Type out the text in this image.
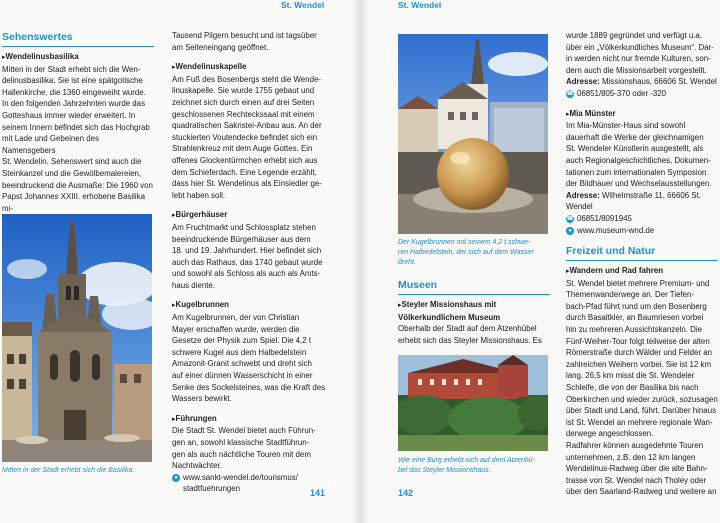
St. Wendel
Sehenswertes

▸ Wendelinusbasilika

Mitten in der Stadt erhebt sich die Wen-

delinusbasilika. Sie ist eine spätgotische

Hallenkirche, die 1360 eingeweiht wurde.

In den folgenden Jahrzehnten wurde das

Gotteshaus immer wieder erweitert. In

seinem Innern befindet sich das Hochgrab

mit Lade und Gebeinen des Namensgebers

St. Wendelin. Sehenswert sind auch die

Steinkanzel und die Gewölbemalereien,

beeindruckend die Ausmaße: Die 1960 von

Papst Johannes XXIII. erhobene Basilika mi-

Mitten in der Stadt erhebt sich die Basilika.

Tausend Pilgern besucht und ist tagsüber

am Seiteneingang geöffnet.

▸ Wendelinuskapelle

Am Fuß des Bosenbergs steht die Wende-

linuskapelle. Sie wurde 1755 gebaut und

zeichnet sich durch einen auf drei Seiten

geschlossenen Rechteckssaal mit einem

quadratischen Sakristei-Anbau aus. An der

stuckierten Voutendecke befindet sich ein

Strahlenkreuz mit dem Auge Gottes. Ein

offenes Glockentürmchen erhebt sich aus

dem Schieferdach. Eine Legende erzählt,

dass hier St. Wendelinus als Einsiedler ge-

lebt haben soll.

▸ Bürgerhäuser

Am Fruchtmarkt und Schlossplatz stehen

beeindruckende Bürgerhäuser aus dem

18. und 19. Jahrhundert. Hier befindet sich

auch das Rathaus, das 1740 gebaut wurde

und sowohl als Schloss als auch als Amts-

haus diente.

▸ Kugelbrunnen

Am Kugelbrunnen, der von Christian

Mayer erschaffen wurde, werden die

Gesetze der Physik zum Spiel. Die 4,2 t

schwere Kugel aus dem Halbedelstein

Amazonit-Granit schwebt und dreht sich

auf einer dünnen Wasserschicht in einer

Senke des Sockelsteines, was die Kraft des

Wassers bewirkt.

▸ Führungen

Die Stadt St. Wendel bietet auch Führun-

gen an, sowohl klassische Stadtführun-

gen als auch nächtliche Touren mit dem

Nachtwächter.

● www.sankt-wendel.de/tourismus/
stadtfuehrungen	141
St. Wendel
Der Kugelbrunnen mit seinem 4,2 t schwe-
ren Halbedelstein, der sich auf dem Wasser
dreht.
Museen

▸ Steyler Missionshaus mit

Völkerkundlichem Museum

Oberhalb der Stadt auf dem Atzenhübel

erhebt sich das Steyler Missionshaus. Es

Wie eine Burg erhebt sich auf dem Atzenhü-
bel das Steyler Missionshaus.

wurde 1889 gegründet und verfügt u.a.

über ein „Völkerkundliches Museum“. Dar-

in werden nicht nur fremde Kulturen, son-

dern auch die Missionsarbeit vorgestellt.

Adresse: Missionshaus, 66606 St. Wendel

☎ 06851/805-370 oder -320

▸ Mia Münster

Im Mia-Münster-Haus sind sowohl

dauerhaft die Werke der gleichnamigen

St. Wendeler Künstlerin ausgestellt, als

auch Regionalgeschichtliches, Dokumen-

tationen zum internationalen Symposion

der Bildhauer und Wechselausstellungen.

Adresse: Wilhelmstraße 11, 66606 St.

Wendel

☎ 06851/8091945
● www.museum-wnd.de
Freizeit und Natur

▸ Wandern und Rad fahren

St. Wendel bietet mehrere Premium- und

Themenwanderwege an. Der Tiefen-

bach-Pfad führt rund um den Bosenberg

durch Basaltkler, an Baumriesen vorbei

hin zu mehreren Aussichtskanzeln. Die

Fünf-Weiher-Tour folgt teilweise der alten

Römerstraße durch Wälder und Felder an

zahlreichen Weihern vorbei. Sie ist 12 km

lang. 26,5 km misst die St. Wendeler

Schleife, die von der Basilika bis nach

Oberkirchen und wieder zurück, sozusagen

über Stadt und Land, führt. Darüber hinaus

ist St. Wendel an mehrere regionale Wan-

derwege angeschlossen.

Radfahrer können ausgedehnte Touren

unternehmen, z.B. den 12 km langen

Wendelinus-Radweg über die alte Bahn-

trasse von St. Wendel nach Tholey oder

über den Saarland-Radweg und weitere an

142
